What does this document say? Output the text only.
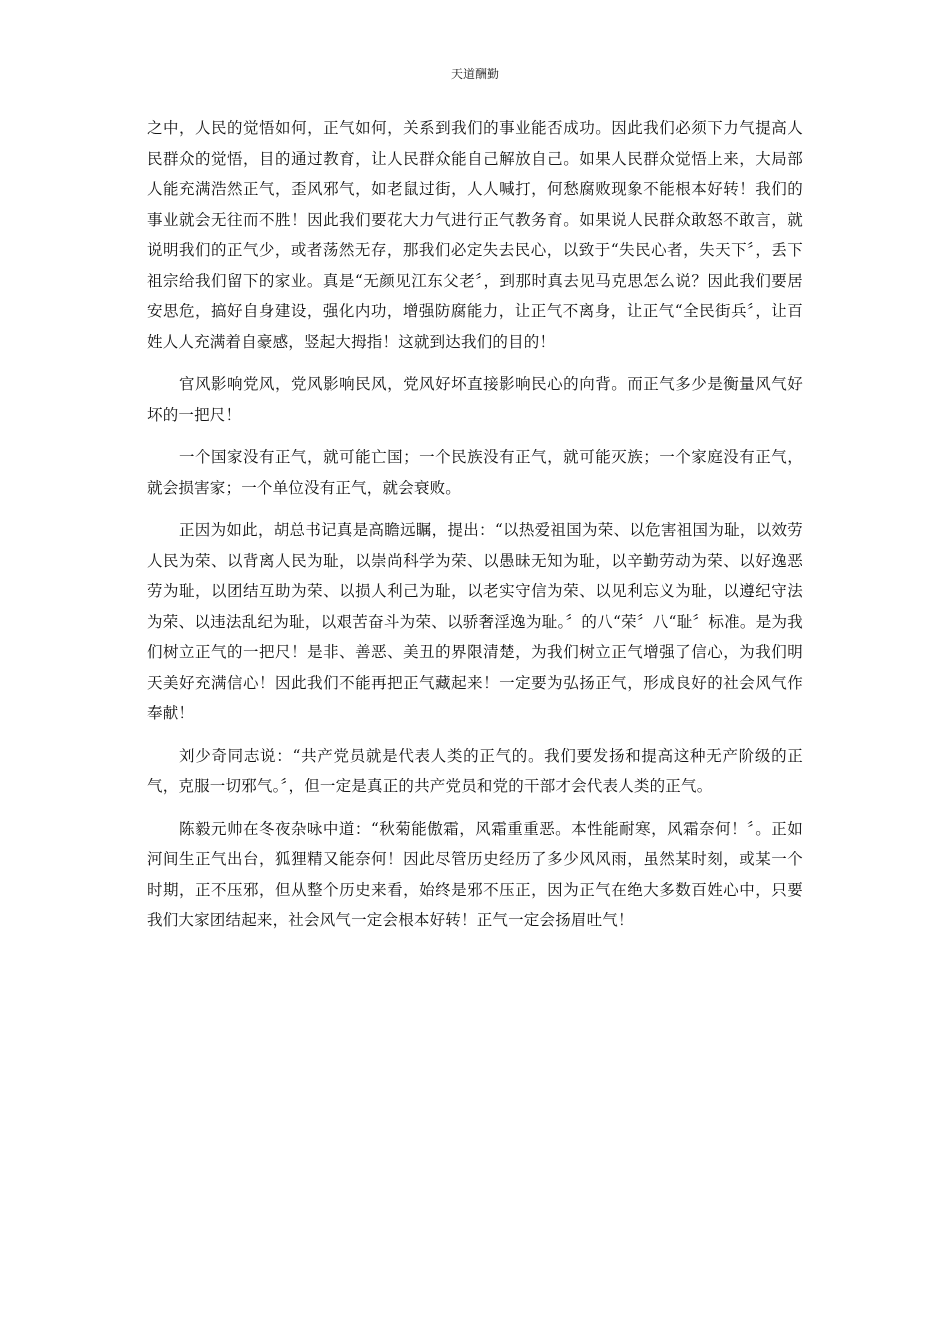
天道酬勤

之中，人民的觉悟如何，正气如何，关系到我们的事业能否成功。因此我们必须下力气提高人民群众的觉悟，目的通过教育，让人民群众能自己解放自己。如果人民群众觉悟上来，大局部人能充满浩然正气，歪风邪气，如老鼠过街，人人喊打，何愁腐败现象不能根本好转！我们的事业就会无往而不胜！因此我们要花大力气进行正气教务育。如果说人民群众敢怒不敢言，就说明我们的正气少，或者荡然无存，那我们必定失去民心，以致于“失民心者，失天下〞，丢下祖宗给我们留下的家业。真是“无颜见江东父老〞，到那时真去见马克思怎么说？因此我们要居安思危，搞好自身建设，强化内功，增强防腐能力，让正气不离身，让正气“全民街兵〞，让百姓人人充满着自豪感，竖起大拇指！这就到达我们的目的！

官风影响党风，党风影响民风，党风好坏直接影响民心的向背。而正气多少是衡量风气好坏的一把尺！

一个国家没有正气，就可能亡国；一个民族没有正气，就可能灭族；一个家庭没有正气，就会损害家；一个单位没有正气，就会衰败。

正因为如此，胡总书记真是高瞻远瞩，提出：“以热爱祖国为荣、以危害祖国为耻，以效劳人民为荣、以背离人民为耻，以崇尚科学为荣、以愚昧无知为耻，以辛勤劳动为荣、以好逸恶劳为耻，以团结互助为荣、以损人利己为耻，以老实守信为荣、以见利忘义为耻，以遵纪守法为荣、以违法乱纪为耻，以艰苦奋斗为荣、以骄奢淫逸为耻。〞的八“荣〞八“耻〞标准。是为我们树立正气的一把尺！是非、善恶、美丑的界限清楚，为我们树立正气增强了信心，为我们明天美好充满信心！因此我们不能再把正气藏起来！一定要为弘扬正气，形成良好的社会风气作奉献！

刘少奇同志说：“共产党员就是代表人类的正气的。我们要发扬和提高这种无产阶级的正气，克服一切邪气。〞，但一定是真正的共产党员和党的干部才会代表人类的正气。

陈毅元帅在冬夜杂咏中道：“秋菊能傲霜，风霜重重恶。本性能耐寒，风霜奈何！〞。正如河间生正气出台，狐狸精又能奈何！因此尽管历史经历了多少风风雨，虽然某时刻，或某一个时期，正不压邪，但从整个历史来看，始终是邪不压正，因为正气在绝大多数百姓心中，只要我们大家团结起来，社会风气一定会根本好转！正气一定会扬眉吐气！
